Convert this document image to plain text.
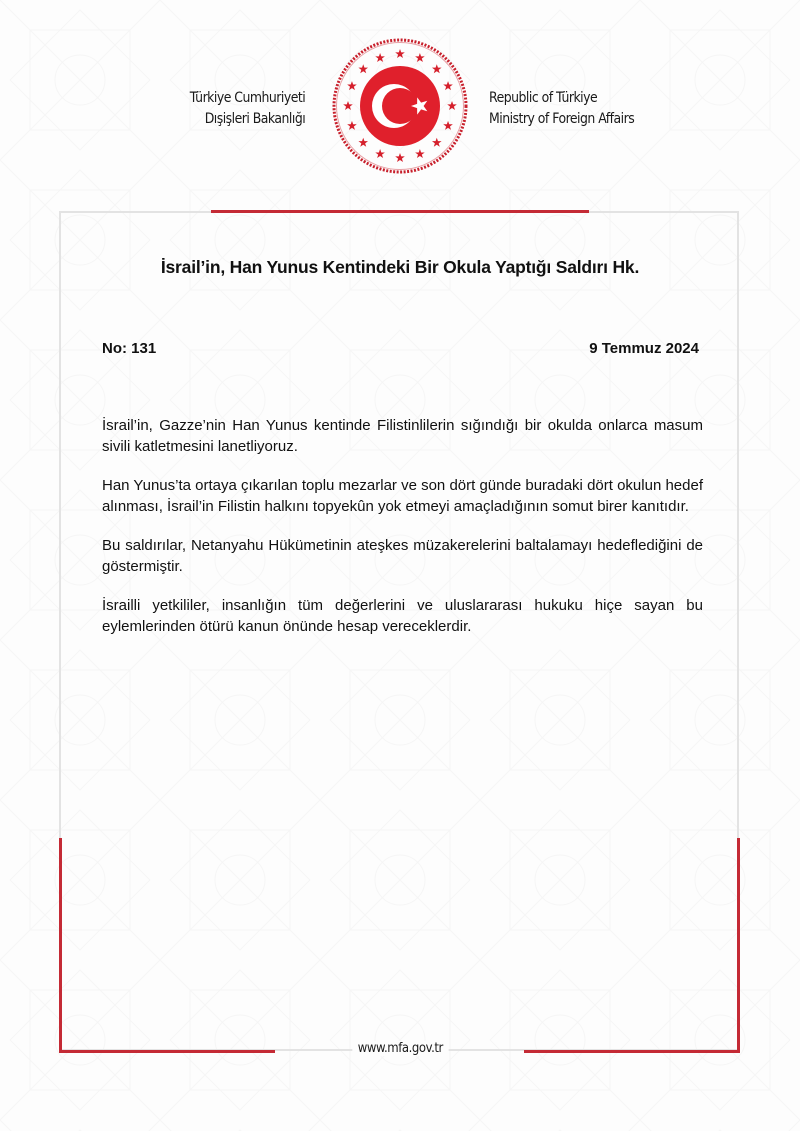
Türkiye Cumhuriyeti
Dışişleri Bakanlığı
Republic of Türkiye
Ministry of Foreign Affairs
İsrail’in, Han Yunus Kentindeki Bir Okula Yaptığı Saldırı Hk.
No: 131	9 Temmuz 2024

İsrail’in, Gazze’nin Han Yunus kentinde Filistinlilerin sığındığı bir okulda onlarca masum sivili katletmesini lanetliyoruz.

Han Yunus’ta ortaya çıkarılan toplu mezarlar ve son dört günde buradaki dört okulun hedef alınması, İsrail’in Filistin halkını topyekûn yok etmeyi amaçladığının somut birer kanıtıdır.

Bu saldırılar, Netanyahu Hükümetinin ateşkes müzakerelerini baltalamayı hedeflediğini de göstermiştir.

İsrailli yetkililer, insanlığın tüm değerlerini ve uluslararası hukuku hiçe sayan bu eylemlerinden ötürü kanun önünde hesap vereceklerdir.

www.mfa.gov.tr
